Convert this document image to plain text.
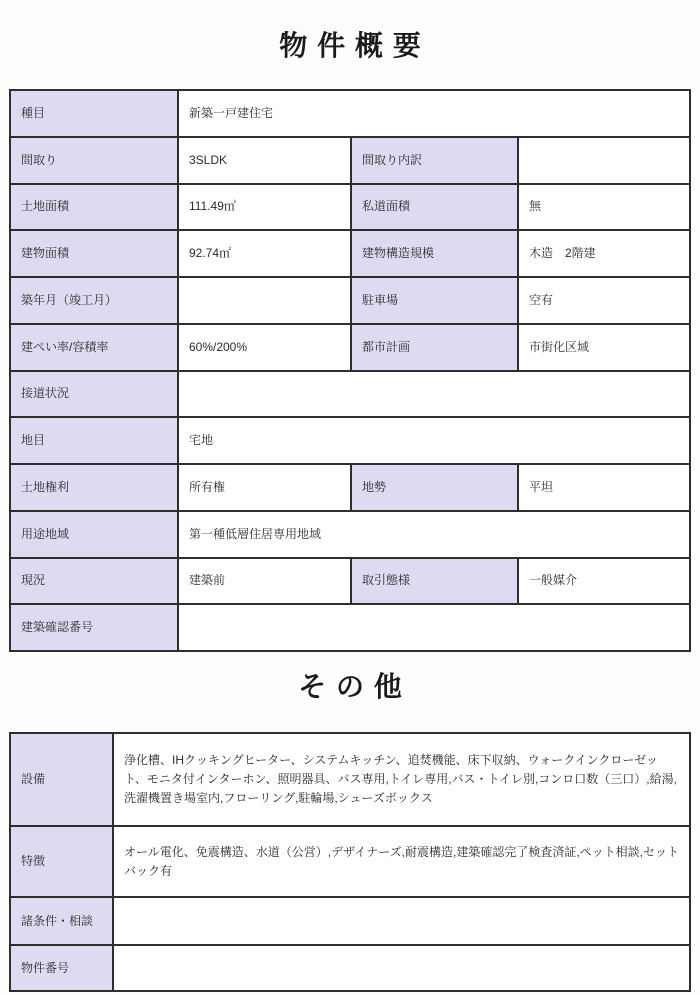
物件概要
種目	新築一戸建住宅		
間取り	3SLDK	間取り内訳	
土地面積	111.49㎡	私道面積	無
建物面積	92.74㎡	建物構造規模	木造　2階建
築年月（竣工月）		駐車場	空有
建ぺい率/容積率	60%/200%	都市計画	市街化区域
接道状況			
地目	宅地		
土地権利	所有権	地勢	平坦
用途地域	第一種低層住居専用地域		
現況	建築前	取引態様	一般媒介
建築確認番号			
その他
設備	浄化槽、IHクッキングヒーター、システムキッチン、追焚機能、床下収納、ウォークインクローゼット、モニタ付インターホン、照明器具、バス専用,トイレ専用,バス・トイレ別,コンロ口数（三口）,給湯,洗濯機置き場室内,フローリング,駐輪場,シューズボックス
特徴	オール電化、免震構造、水道（公営）,デザイナーズ,耐震構造,建築確認完了検査済証,ペット相談,セットバック有
諸条件・相談	
物件番号	
